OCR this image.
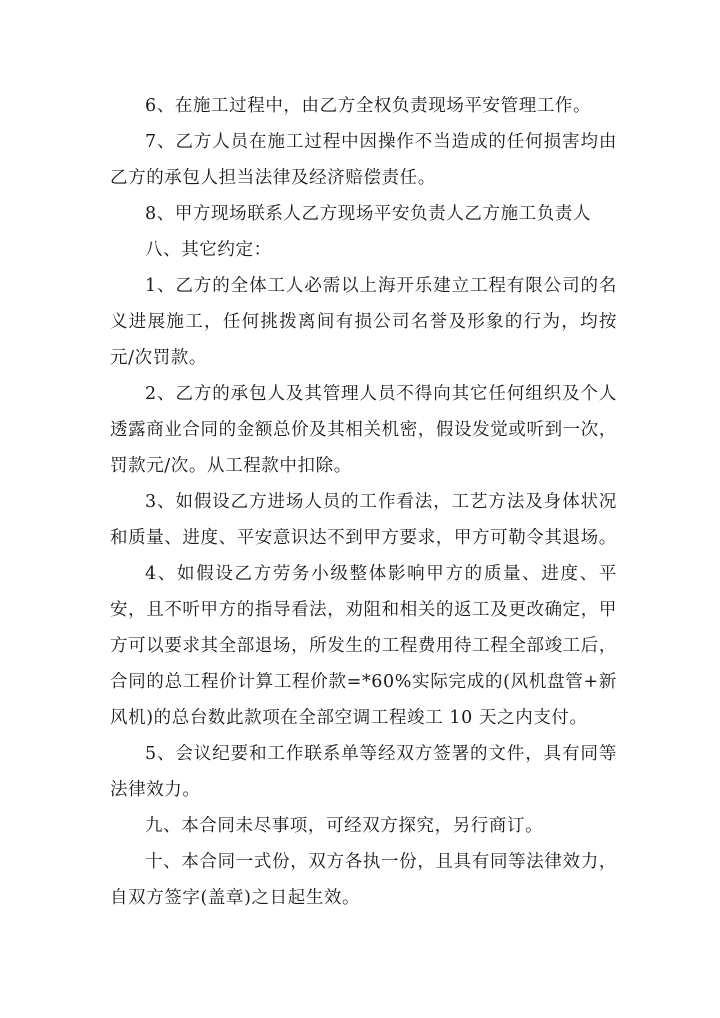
6、在施工过程中，由乙方全权负责现场平安管理工作。

7、乙方人员在施工过程中因操作不当造成的任何损害均由乙方的承包人担当法律及经济赔偿责任。

8、甲方现场联系人乙方现场平安负责人乙方施工负责人

八、其它约定：

1、乙方的全体工人必需以上海开乐建立工程有限公司的名义进展施工，任何挑拨离间有损公司名誉及形象的行为，均按元/次罚款。

2、乙方的承包人及其管理人员不得向其它任何组织及个人透露商业合同的金额总价及其相关机密，假设发觉或听到一次，罚款元/次。从工程款中扣除。

3、如假设乙方进场人员的工作看法，工艺方法及身体状况和质量、进度、平安意识达不到甲方要求，甲方可勒令其退场。

4、如假设乙方劳务小级整体影响甲方的质量、进度、平安，且不听甲方的指导看法，劝阻和相关的返工及更改确定，甲方可以要求其全部退场，所发生的工程费用待工程全部竣工后，合同的总工程价计算工程价款=*60%实际完成的(风机盘管+新风机)的总台数此款项在全部空调工程竣工 10 天之内支付。

5、会议纪要和工作联系单等经双方签署的文件，具有同等法律效力。

九、本合同未尽事项，可经双方探究，另行商订。

十、本合同一式份，双方各执一份，且具有同等法律效力，自双方签字(盖章)之日起生效。
